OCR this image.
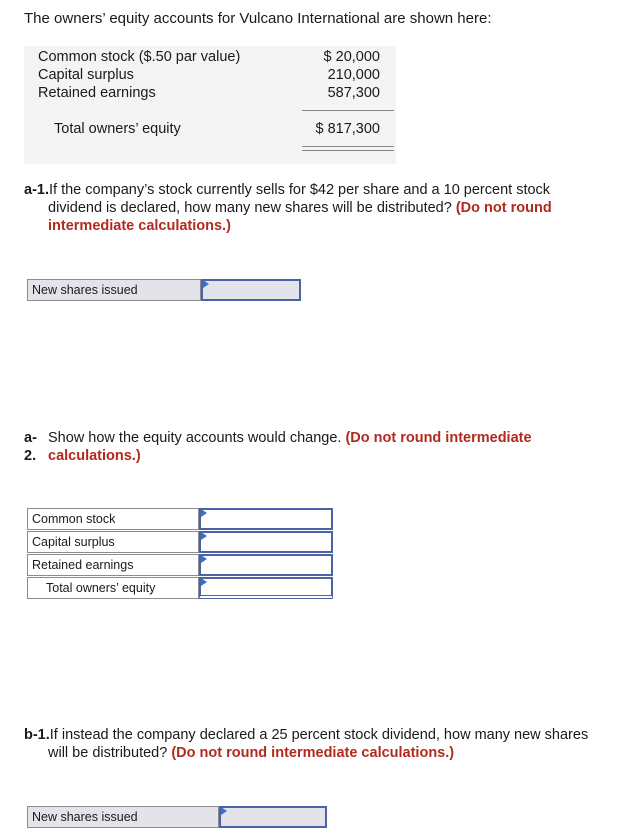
The owners’ equity accounts for Vulcano International are shown here:
Common stock ($.50 par value)	$ 20,000
Capital surplus	210,000
Retained earnings	587,300
Total owners’ equity	$ 817,300
a-1.If the company’s stock currently sells for $42 per share and a 10 percent stock
dividend is declared, how many new shares will be distributed? (Do not round
intermediate calculations.)
New shares issued
a- Show how the equity accounts would change. (Do not round intermediate
2. calculations.)
Common stock
Capital surplus
Retained earnings
Total owners’ equity
b-1.If instead the company declared a 25 percent stock dividend, how many new shares
will be distributed? (Do not round intermediate calculations.)
New shares issued
